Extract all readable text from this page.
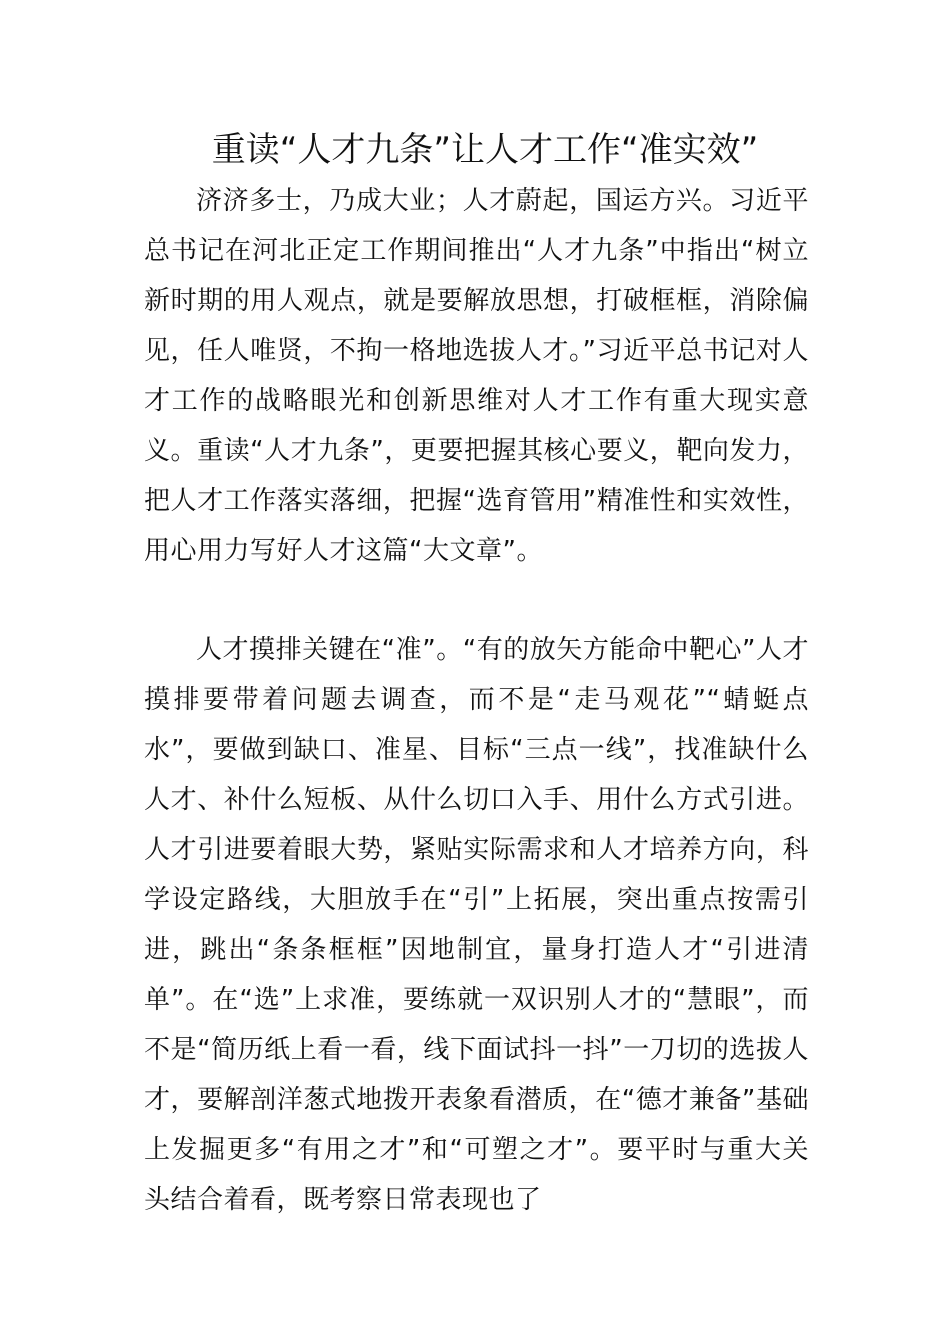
重读“人才九条”让人才工作“准实效”

济济多士，乃成大业；人才蔚起，国运方兴。习近平总书记在河北正定工作期间推出“人才九条”中指出“树立新时期的用人观点，就是要解放思想，打破框框，消除偏见，任人唯贤，不拘一格地选拔人才。”习近平总书记对人才工作的战略眼光和创新思维对人才工作有重大现实意义。重读“人才九条”，更要把握其核心要义，靶向发力，把人才工作落实落细，把握“选育管用”精准性和实效性，用心用力写好人才这篇“大文章”。

人才摸排关键在“准”。“有的放矢方能命中靶心”人才摸排要带着问题去调查，而不是“走马观花”“蜻蜓点水”，要做到缺口、准星、目标“三点一线”，找准缺什么人才、补什么短板、从什么切口入手、用什么方式引进。人才引进要着眼大势，紧贴实际需求和人才培养方向，科学设定路线，大胆放手在“引”上拓展，突出重点按需引进，跳出“条条框框”因地制宜，量身打造人才“引进清单”。在“选”上求准，要练就一双识别人才的“慧眼”，而不是“简历纸上看一看，线下面试抖一抖”一刀切的选拔人才，要解剖洋葱式地拨开表象看潜质，在“德才兼备”基础上发掘更多“有用之才”和“可塑之才”。要平时与重大关头结合着看，既考察日常表现也了
